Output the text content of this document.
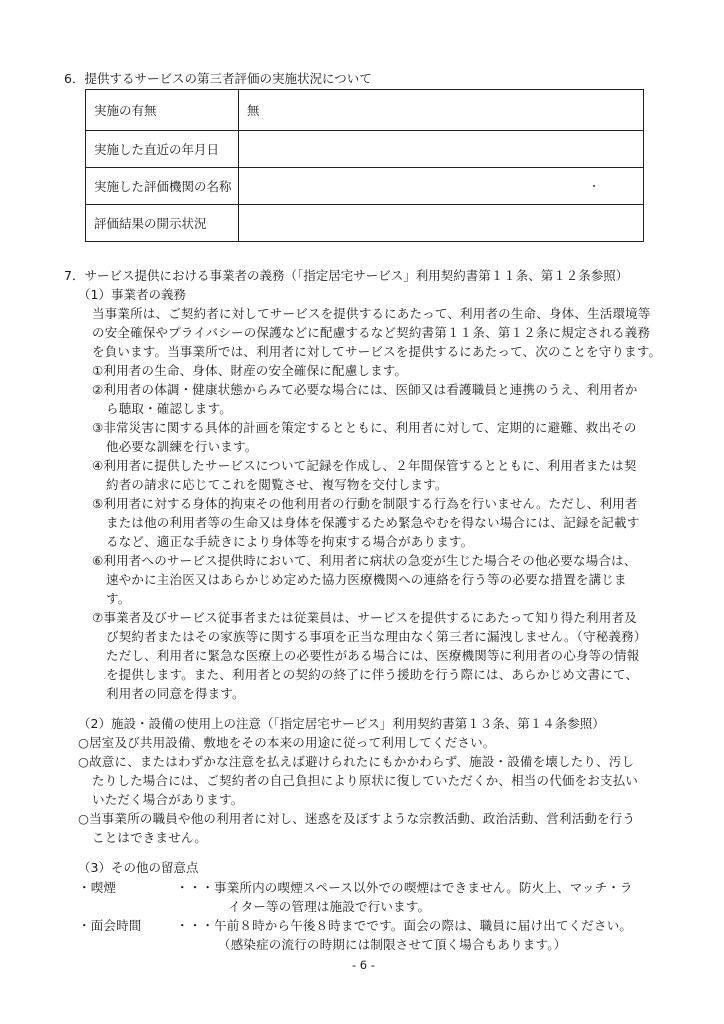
6．提供するサービスの第三者評価の実施状況について
実施の有無	無
実施した直近の年月日	
実施した評価機関の名称	
評価結果の開示状況	
7．サービス提供における事業者の義務（「指定居宅サービス」利用契約書第１１条、第１２条参照）
（1）事業者の義務
当事業所は、ご契約者に対してサービスを提供するにあたって、利用者の生命、身体、生活環境等
の安全確保やプライバシーの保護などに配慮するなど契約書第１１条、第１２条に規定される義務
を負います。当事業所では、利用者に対してサービスを提供するにあたって、次のことを守ります。
①利用者の生命、身体、財産の安全確保に配慮します。
②利用者の体調・健康状態からみて必要な場合には、医師又は看護職員と連携のうえ、利用者か
ら聴取・確認します。
③非常災害に関する具体的計画を策定するとともに、利用者に対して、定期的に避難、救出その
他必要な訓練を行います。
④利用者に提供したサービスについて記録を作成し、２年間保管するとともに、利用者または契
約者の請求に応じてこれを閲覧させ、複写物を交付します。
⑤利用者に対する身体的拘束その他利用者の行動を制限する行為を行いません。ただし、利用者
または他の利用者等の生命又は身体を保護するため緊急やむを得ない場合には、記録を記載す
るなど、適正な手続きにより身体等を拘束する場合があります。
⑥利用者へのサービス提供時において、利用者に病状の急変が生じた場合その他必要な場合は、
速やかに主治医又はあらかじめ定めた協力医療機関への連絡を行う等の必要な措置を講じま
す。
⑦事業者及びサービス従事者または従業員は、サービスを提供するにあたって知り得た利用者及
び契約者またはその家族等に関する事項を正当な理由なく第三者に漏洩しません。（守秘義務）
ただし、利用者に緊急な医療上の必要性がある場合には、医療機関等に利用者の心身等の情報
を提供します。また、利用者との契約の終了に伴う援助を行う際には、あらかじめ文書にて、
利用者の同意を得ます。
（2）施設・設備の使用上の注意（「指定居宅サービス」利用契約書第１３条、第１４条参照）
○居室及び共用設備、敷地をその本来の用途に従って利用してください。
○故意に、またはわずかな注意を払えば避けられたにもかかわらず、施設・設備を壊したり、汚し
たりした場合には、ご契約者の自己負担により原状に復していただくか、相当の代価をお支払い
いただく場合があります。
○当事業所の職員や他の利用者に対し、迷惑を及ぼすような宗教活動、政治活動、営利活動を行う
ことはできません。
（3）その他の留意点
・喫煙	・・・ 事業所内の喫煙スペース以外での喫煙はできません。防火上、マッチ・ラ
イター等の管理は施設で行います。
・面会時間	・・・ 午前８時から午後８時までです。面会の際は、職員に届け出てください。
（感染症の流行の時期には制限させて頂く場合もあります。）
- 6 -
